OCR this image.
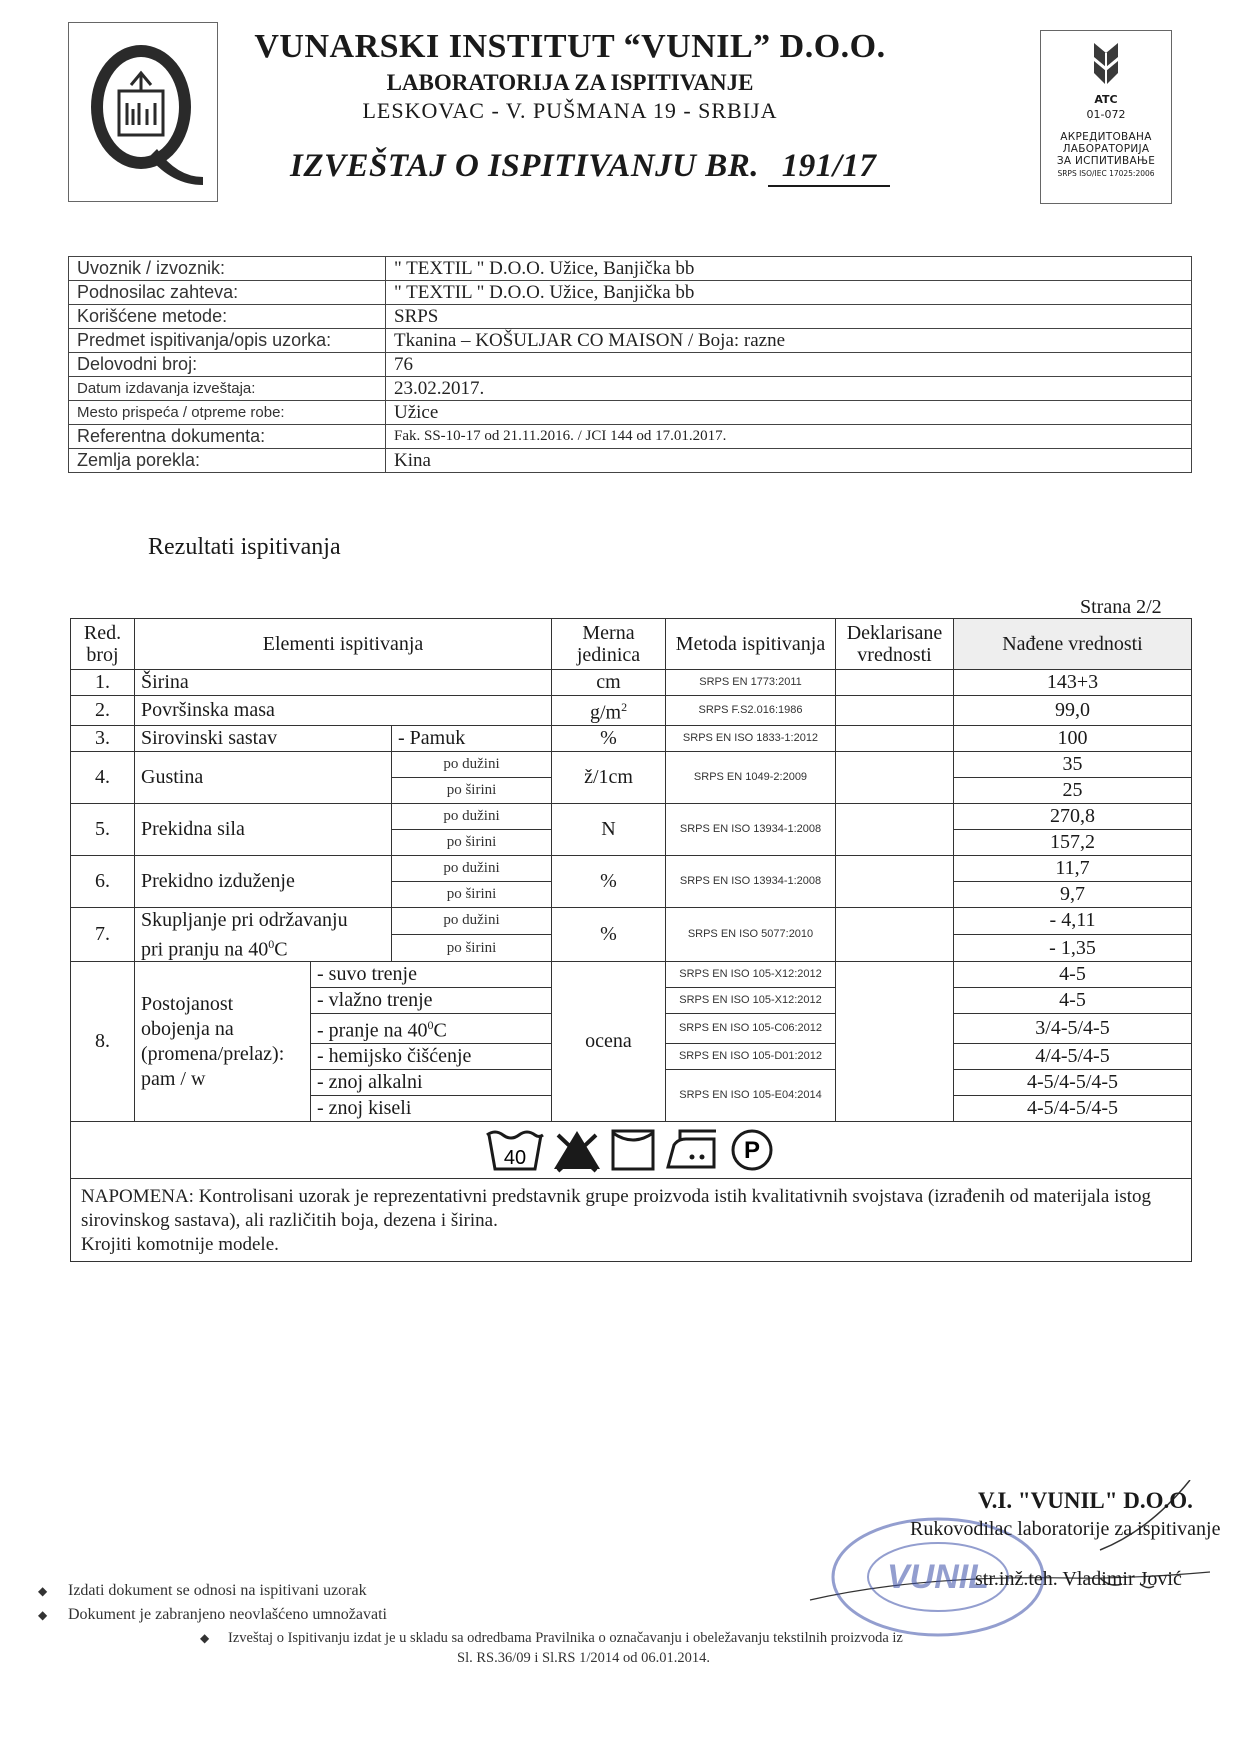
VUNARSKI INSTITUT “VUNIL” D.O.O.
LABORATORIJA ZA ISPITIVANJE
LESKOVAC - V. PUŠMANA 19 - SRBIJA
IZVEŠTAJ O ISPITIVANJU BR. 191/17
ATC
01-072
АКРЕДИТОВАНА
ЛАБОРАТОРИЈА
ЗА ИСПИТИВАЊЕ
SRPS ISO/IEC 17025:2006
Uvoznik / izvoznik:	" TEXTIL " D.O.O. Užice, Banjička bb
Podnosilac zahteva:	" TEXTIL " D.O.O. Užice, Banjička bb
Korišćene metode:	SRPS
Predmet ispitivanja/opis uzorka:	Tkanina – KOŠULJAR CO MAISON / Boja: razne
Delovodni broj:	76
Datum izdavanja izveštaja:	23.02.2017.
Mesto prispeća / otpreme robe:	Užice
Referentna dokumenta:	Fak. SS-10-17 od 21.11.2016. / JCI 144 od 17.01.2017.
Zemlja porekla:	Kina
Rezultati ispitivanja
Strana 2/2
Red. broj	Elementi ispitivanja			Merna jedinica	Metoda ispitivanja	Deklarisane vrednosti	Nađene vrednosti
1.	Širina			cm	SRPS EN 1773:2011		143+3
2.	Površinska masa			$g/m^2$	SRPS F.S2.016:1986		99,0
3.	Sirovinski sastav		- Pamuk	%	SRPS EN ISO 1833-1:2012		100
4.	Gustina		po dužini	ž/1cm	SRPS EN 1049-2:2009		35
			po širini				25
5.	Prekidna sila		po dužini	N	SRPS EN ISO 13934-1:2008		270,8
			po širini				157,2
6.	Prekidno izduženje		po dužini	%	SRPS EN ISO 13934-1:2008		11,7
			po širini				9,7
7.	Skupljanje pri održavanju
pri pranju na $40^0C$		po dužini	%	SRPS EN ISO 5077:2010		- 4,11
			po širini				- 1,35
8.	Postojanost
obojenja na
(promena/prelaz):
pam / w	- suvo trenje		ocena	SRPS EN ISO 105-X12:2012		4-5
		- vlažno trenje			SRPS EN ISO 105-X12:2012		4-5
		- pranje na $40^0C$			SRPS EN ISO 105-C06:2012		3/4-5/4-5
		- hemijsko čišćenje			SRPS EN ISO 105-D01:2012		4/4-5/4-5
		- znoj alkalni			SRPS EN ISO 105-E04:2014		4-5/4-5/4-5
		- znoj kiseli					4-5/4-5/4-5

40
P							

NAPOMENA: Kontrolisani uzorak je reprezentativni predstavnik grupe proizvoda istih kvalitativnih svojstava (izrađenih od materijala istog sirovinskog sastava), ali različitih boja, dezena i širina.
Krojiti komotnije modele.							
VUNIL
V.I. "VUNIL" D.O.O.
Rukovodilac laboratorije za ispitivanje
str.inž.teh. Vladimir Jović
◆ Izdati dokument se odnosi na ispitivani uzorak
◆ Dokument je zabranjeno neovlašćeno umnožavati
◆ Izveštaj o Ispitivanju izdat je u skladu sa odredbama Pravilnika o označavanju i obeležavanju tekstilnih proizvoda iz
Sl. RS.36/09 i Sl.RS 1/2014 od 06.01.2014.
